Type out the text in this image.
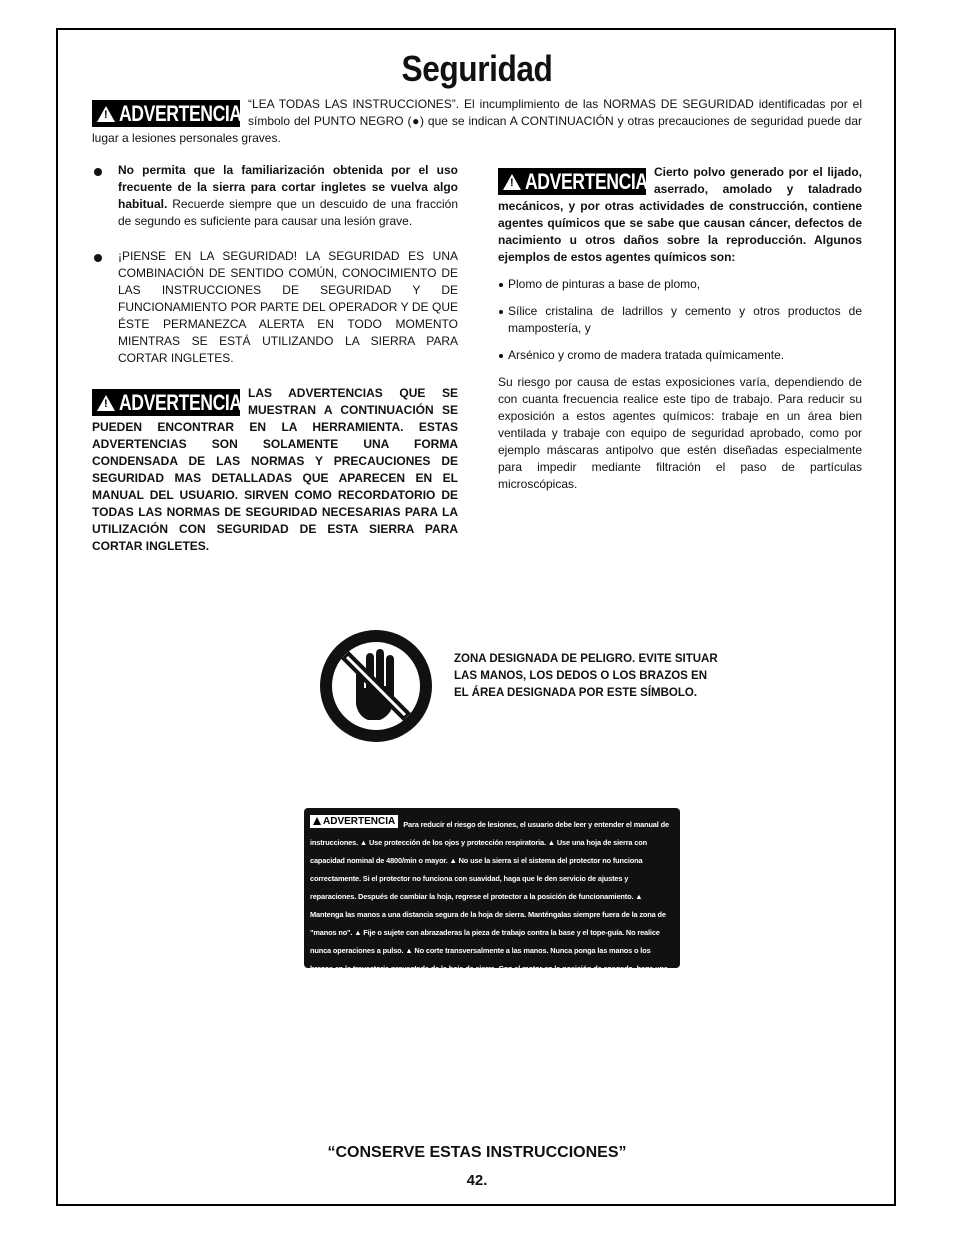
Seguridad
! ADVERTENCIA “LEA TODAS LAS INSTRUCCIONES”. El incumplimiento de las NORMAS DE SEGURIDAD identificadas por el símbolo del PUNTO NEGRO (●) que se indican A CONTINUACIÓN y otras precauciones de seguridad puede dar lugar a lesiones personales graves.
No permita que la familiarización obtenida por el uso frecuente de la sierra para cortar ingletes se vuelva algo habitual. Recuerde siempre que un descuido de una fracción de segundo es suficiente para causar una lesión grave.
¡PIENSE EN LA SEGURIDAD! LA SEGURIDAD ES UNA COMBINACIÓN DE SENTIDO COMÚN, CONOCIMIENTO DE LAS INSTRUCCIONES DE SEGURIDAD Y DE FUNCIONAMIENTO POR PARTE DEL OPERADOR Y DE QUE ÉSTE PERMANEZCA ALERTA EN TODO MOMENTO MIENTRAS SE ESTÁ UTILIZANDO LA SIERRA PARA CORTAR INGLETES.
! ADVERTENCIA LAS ADVERTENCIAS QUE SE MUESTRAN A CONTINUACIÓN SE PUEDEN ENCONTRAR EN LA HERRAMIENTA. ESTAS ADVERTENCIAS SON SOLAMENTE UNA FORMA CONDENSADA DE LAS NORMAS Y PRECAUCIONES DE SEGURIDAD MAS DETALLADAS QUE APARECEN EN EL MANUAL DEL USUARIO. SIRVEN COMO RECORDATORIO DE TODAS LAS NORMAS DE SEGURIDAD NECESARIAS PARA LA UTILIZACIÓN CON SEGURIDAD DE ESTA SIERRA PARA CORTAR INGLETES.
! ADVERTENCIA Cierto polvo generado por el lijado, aserrado, amolado y taladrado mecánicos, y por otras actividades de construcción, contiene agentes químicos que se sabe que causan cáncer, defectos de nacimiento u otros daños sobre la reproducción. Algunos ejemplos de estos agentes químicos son:
Plomo de pinturas a base de plomo,
Sílice cristalina de ladrillos y cemento y otros productos de mampostería, y
Arsénico y cromo de madera tratada químicamente.
Su riesgo por causa de estas exposiciones varía, dependiendo de con cuanta frecuencia realice este tipo de trabajo. Para reducir su exposición a estos agentes químicos: trabaje en un área bien ventilada y trabaje con equipo de seguridad aprobado, como por ejemplo máscaras antipolvo que estén diseñadas especialmente para impedir mediante filtración el paso de partículas microscópicas.
ZONA DESIGNADA DE PELIGRO. EVITE SITUAR LAS MANOS, LOS DEDOS O LOS BRAZOS EN EL ÁREA DESIGNADA POR ESTE SÍMBOLO.
ADVERTENCIA	Para reducir el riesgo de lesiones, el usuario debe leer y entender el manual de instrucciones. ▲ Use protección de los ojos y protección respiratoria. ▲ Use una hoja de sierra con capacidad nominal de 4800/min o mayor. ▲ No use la sierra si el sistema del protector no funciona correctamente. Si el protector no funciona con suavidad, haga que le den servicio de ajustes y reparaciones. Después de cambiar la hoja, regrese el protector a la posición de funcionamiento. ▲ Mantenga las manos a una distancia segura de la hoja de sierra. Manténgalas siempre fuera de la zona de "manos no". ▲ Fije o sujete con abrazaderas la pieza de trabajo contra la base y el tope-guía. No realice nunca operaciones a pulso. ▲ No corte transversalmente a las manos. Nunca ponga las manos o los brazos en la trayectoria proyectada de la hoja de sierra. Con el motor en la posición de apagado, haga una pasada de prueba para comprobar el alcance de la hoja. ▲ Después de apagar la sierra, manténgala en la posición hacia abajo y espere a que la hoja se detenga antes de retirar las piezas cortadas o cambiar los ajustes. ▲ Para evitar las descargas eléctricas, no exponga la herramienta a la lluvia ni la utilice en lugares húmedos. ▲ Cuando haga servicio de ajustes y reparaciones de la herramienta, utilice únicamente piezas de repuesto idénticas. ▲ Para realizar cortes en bisel o compuestos, ajuste el tope-guía deslizante de manera que no esté en la trayectoria de la hoja y no interfiera con el sistema del protector.
“CONSERVE ESTAS INSTRUCCIONES”
42.
